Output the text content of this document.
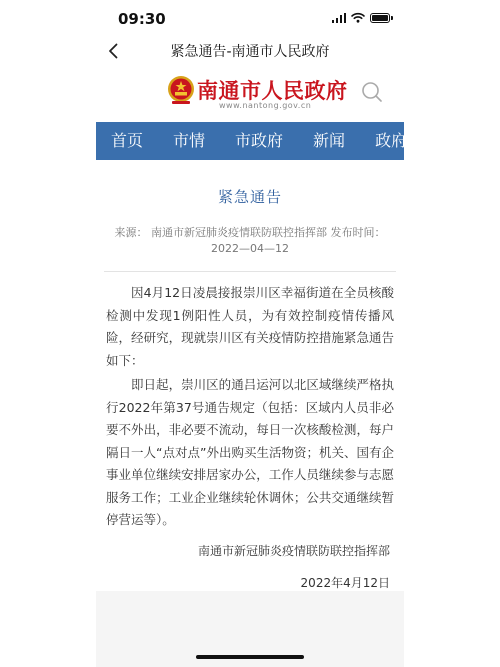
09:30
紧急通告-南通市人民政府
南通市人民政府
www.nantong.gov.cn
首页	市情	市政府	新闻	政府信
紧急通告
来源： 南通市新冠肺炎疫情联防联控指挥部 发布时间：
2022—04—12

因4月12日凌晨接报崇川区幸福街道在全员核酸检测中发现1例阳性人员，为有效控制疫情传播风险，经研究，现就崇川区有关疫情防控措施紧急通告如下：

即日起，崇川区的通吕运河以北区域继续严格执行2022年第37号通告规定（包括：区域内人员非必要不外出，非必要不流动，每日一次核酸检测，每户隔日一人“点对点”外出购买生活物资；机关、国有企事业单位继续安排居家办公，工作人员继续参与志愿服务工作；工业企业继续轮休调休；公共交通继续暂停营运等）。

南通市新冠肺炎疫情联防联控指挥部
2022年4月12日
